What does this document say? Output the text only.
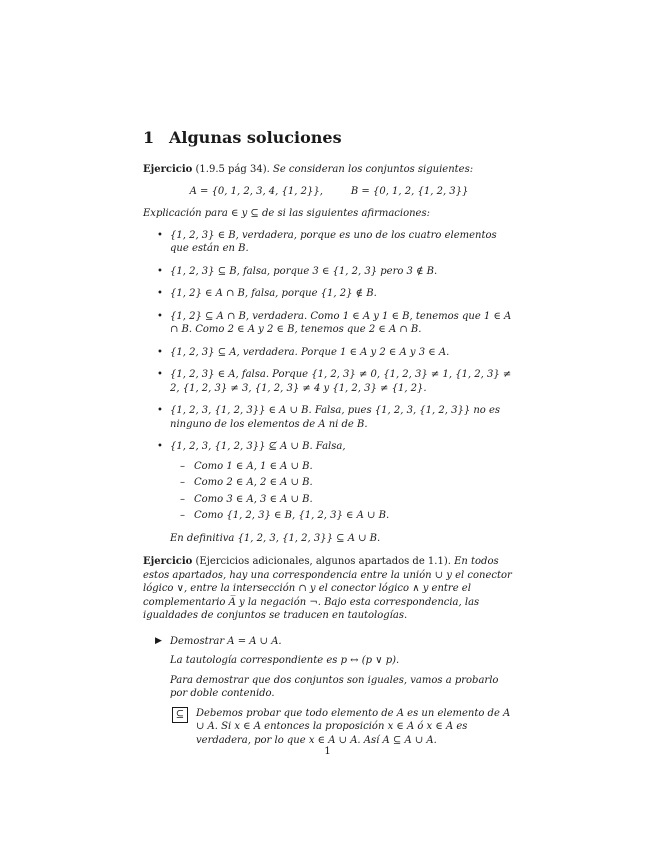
1 Algunas soluciones

Ejercicio (1.9.5 pág 34). Se consideran los conjuntos siguientes:

A = {0, 1, 2, 3, 4, {1, 2}},	B = {0, 1, 2, {1, 2, 3}}

Explicación para ∈ y ⊆ de si las siguientes afirmaciones:

• {1, 2, 3} ∈ B, verdadera, porque es uno de los cuatro elementos que están en B.
• {1, 2, 3} ⊆ B, falsa, porque 3 ∈ {1, 2, 3} pero 3 ∉ B.
• {1, 2} ∈ A ∩ B, falsa, porque {1, 2} ∉ B.
• {1, 2} ⊆ A ∩ B, verdadera. Como 1 ∈ A y 1 ∈ B, tenemos que 1 ∈ A ∩ B. Como 2 ∈ A y 2 ∈ B, tenemos que 2 ∈ A ∩ B.
• {1, 2, 3} ⊆ A, verdadera. Porque 1 ∈ A y 2 ∈ A y 3 ∈ A.
• {1, 2, 3} ∈ A, falsa. Porque {1, 2, 3} ≠ 0, {1, 2, 3} ≠ 1, {1, 2, 3} ≠ 2, {1, 2, 3} ≠ 3, {1, 2, 3} ≠ 4 y {1, 2, 3} ≠ {1, 2}.
• {1, 2, 3, {1, 2, 3}} ∈ A ∪ B. Falsa, pues {1, 2, 3, {1, 2, 3}} no es ninguno de los elementos de A ni de B.
• {1, 2, 3, {1, 2, 3}} ⊈ A ∪ B. Falsa,
– Como 1 ∈ A, 1 ∈ A ∪ B.
– Como 2 ∈ A, 2 ∈ A ∪ B.
– Como 3 ∈ A, 3 ∈ A ∪ B.
– Como {1, 2, 3} ∈ B, {1, 2, 3} ∈ A ∪ B.

En definitiva {1, 2, 3, {1, 2, 3}} ⊆ A ∪ B.

Ejercicio (Ejercicios adicionales, algunos apartados de 1.1). En todos estos apartados, hay una correspondencia entre la unión ∪ y el conector lógico ∨, entre la intersección ∩ y el conector lógico ∧ y entre el complementario A̅ y la negación ¬. Bajo esta correspondencia, las igualdades de conjuntos se traducen en tautologías.

▶ Demostrar A = A ∪ A.

La tautología correspondiente es p ↔ (p ∨ p).

Para demostrar que dos conjuntos son iguales, vamos a probarlo por doble contenido.

⊆	Debemos probar que todo elemento de A es un elemento de A ∪ A. Si x ∈ A entonces la proposición x ∈ A ó x ∈ A es verdadera, por lo que x ∈ A ∪ A. Así A ⊆ A ∪ A.
1
